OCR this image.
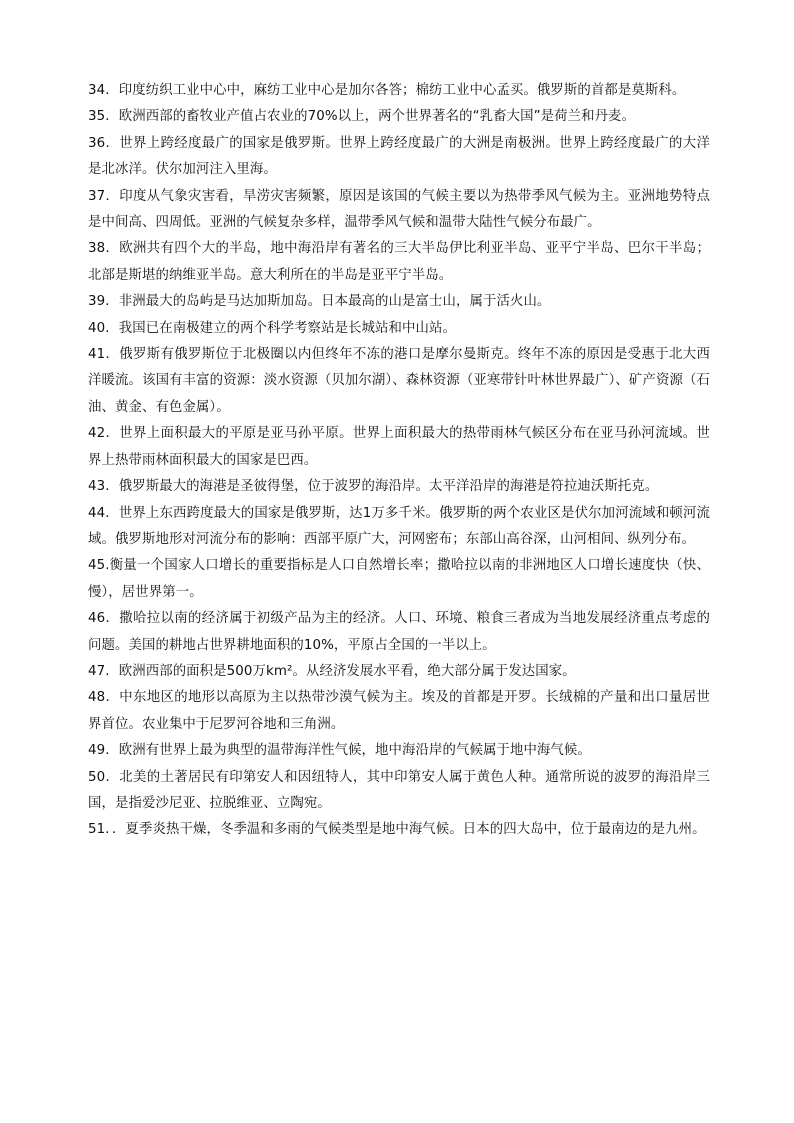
34．印度纺织工业中心中，麻纺工业中心是加尔各答；棉纺工业中心孟买。俄罗斯的首都是莫斯科。

35．欧洲西部的畜牧业产值占农业的70%以上，两个世界著名的“乳畜大国”是荷兰和丹麦。

36．世界上跨经度最广的国家是俄罗斯。世界上跨经度最广的大洲是南极洲。世界上跨经度最广的大洋是北冰洋。伏尔加河注入里海。

37．印度从气象灾害看，旱涝灾害频繁，原因是该国的气候主要以为热带季风气候为主。亚洲地势特点是中间高、四周低。亚洲的气候复杂多样，温带季风气候和温带大陆性气候分布最广。

38．欧洲共有四个大的半岛，地中海沿岸有著名的三大半岛伊比利亚半岛、亚平宁半岛、巴尔干半岛；北部是斯堪的纳维亚半岛。意大利所在的半岛是亚平宁半岛。

39．非洲最大的岛屿是马达加斯加岛。日本最高的山是富士山，属于活火山。

40．我国已在南极建立的两个科学考察站是长城站和中山站。

41．俄罗斯有俄罗斯位于北极圈以内但终年不冻的港口是摩尔曼斯克。终年不冻的原因是受惠于北大西洋暖流。该国有丰富的资源：淡水资源（贝加尔湖）、森林资源（亚寒带针叶林世界最广）、矿产资源（石油、黄金、有色金属）。

42．世界上面积最大的平原是亚马孙平原。世界上面积最大的热带雨林气候区分布在亚马孙河流域。世界上热带雨林面积最大的国家是巴西。

43．俄罗斯最大的海港是圣彼得堡，位于波罗的海沿岸。太平洋沿岸的海港是符拉迪沃斯托克。

44．世界上东西跨度最大的国家是俄罗斯，达1万多千米。俄罗斯的两个农业区是伏尔加河流域和顿河流域。俄罗斯地形对河流分布的影响：西部平原广大，河网密布；东部山高谷深，山河相间、纵列分布。

45.衡量一个国家人口增长的重要指标是人口自然增长率；撒哈拉以南的非洲地区人口增长速度快（快、慢），居世界第一。

46．撒哈拉以南的经济属于初级产品为主的经济。人口、环境、粮食三者成为当地发展经济重点考虑的问题。美国的耕地占世界耕地面积的10%，平原占全国的一半以上。

47．欧洲西部的面积是500万km²。从经济发展水平看，绝大部分属于发达国家。

48．中东地区的地形以高原为主以热带沙漠气候为主。埃及的首都是开罗。长绒棉的产量和出口量居世界首位。农业集中于尼罗河谷地和三角洲。

49．欧洲有世界上最为典型的温带海洋性气候，地中海沿岸的气候属于地中海气候。

50．北美的土著居民有印第安人和因纽特人，其中印第安人属于黄色人种。通常所说的波罗的海沿岸三国，是指爱沙尼亚、拉脱维亚、立陶宛。

51．．夏季炎热干燥，冬季温和多雨的气候类型是地中海气候。日本的四大岛中，位于最南边的是九州。
